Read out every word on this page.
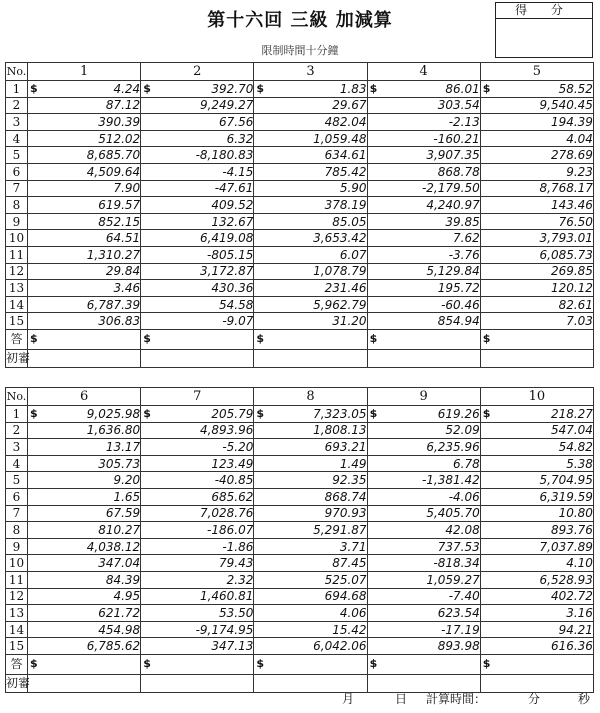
第十六回 三級 加減算	得 分
限制時間十分鐘
No.	1	2	3	4	5
1	$ 4.24	$ 392.70	$ 1.83	$ 86.01	$ 58.52
2	87.12	9,249.27	29.67	303.54	9,540.45
3	390.39	67.56	482.04	-2.13	194.39
4	512.02	6.32	1,059.48	-160.21	4.04
5	8,685.70	-8,180.83	634.61	3,907.35	278.69
6	4,509.64	-4.15	785.42	868.78	9.23
7	7.90	-47.61	5.90	-2,179.50	8,768.17
8	619.57	409.52	378.19	4,240.97	143.46
9	852.15	132.67	85.05	39.85	76.50
10	64.51	6,419.08	3,653.42	7.62	3,793.01
11	1,310.27	-805.15	6.07	-3.76	6,085.73
12	29.84	3,172.87	1,078.79	5,129.84	269.85
13	3.46	430.36	231.46	195.72	120.12
14	6,787.39	54.58	5,962.79	-60.46	82.61
15	306.83	-9.07	31.20	854.94	7.03
答	$	$	$	$	$

初審					
No.	6	7	8	9	10
1	$ 9,025.98	$ 205.79	$ 7,323.05	$ 619.26	$ 218.27
2	1,636.80	4,893.96	1,808.13	52.09	547.04
3	13.17	-5.20	693.21	6,235.96	54.82
4	305.73	123.49	1.49	6.78	5.38
5	9.20	-40.85	92.35	-1,381.42	5,704.95
6	1.65	685.62	868.74	-4.06	6,319.59
7	67.59	7,028.76	970.93	5,405.70	10.80
8	810.27	-186.07	5,291.87	42.08	893.76
9	4,038.12	-1.86	3.71	737.53	7,037.89
10	347.04	79.43	87.45	-818.34	4.10
11	84.39	2.32	525.07	1,059.27	6,528.93
12	4.95	1,460.81	694.68	-7.40	402.72
13	621.72	53.50	4.06	623.54	3.16
14	454.98	-9,174.95	15.42	-17.19	94.21
15	6,785.62	347.13	6,042.06	893.98	616.36
答	$	$	$	$	$

初審					
月	日 計算時間：	分	秒
